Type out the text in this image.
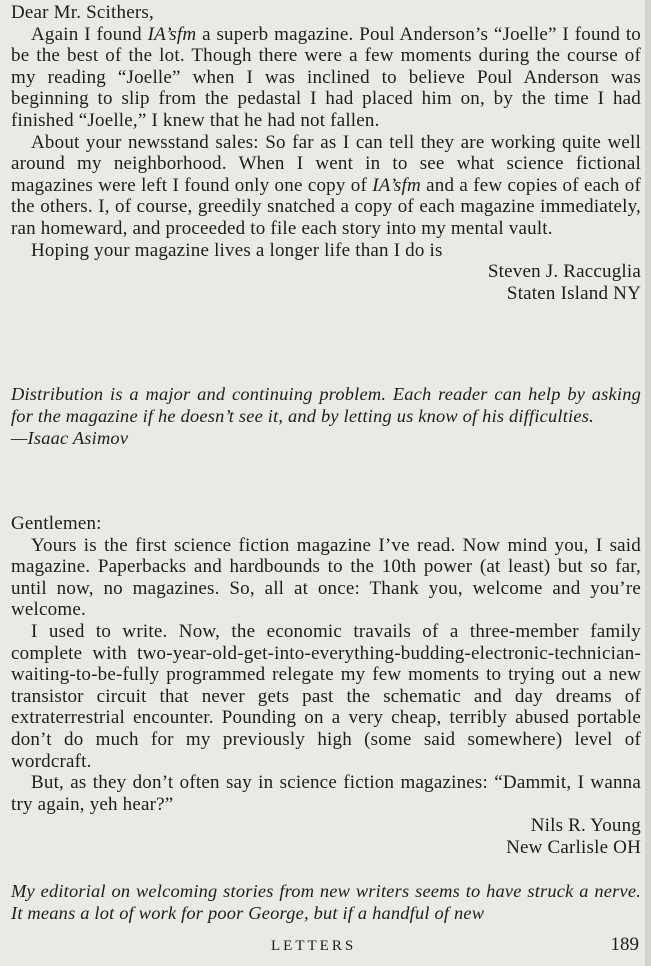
Dear Mr. Scithers,

Again I found IA’sfm a superb magazine. Poul Anderson’s “Joelle” I found to be the best of the lot. Though there were a few moments during the course of my reading “Joelle” when I was inclined to believe Poul Anderson was beginning to slip from the pedastal I had placed him on, by the time I had finished “Joelle,” I knew that he had not fallen.

About your newsstand sales: So far as I can tell they are working quite well around my neighborhood. When I went in to see what science fictional magazines were left I found only one copy of IA’sfm and a few copies of each of the others. I, of course, greedily snatched a copy of each magazine immediately, ran homeward, and proceeded to file each story into my mental vault.

Hoping your magazine lives a longer life than I do is

Steven J. Raccuglia

Staten Island NY

Distribution is a major and continuing problem. Each reader can help by asking for the magazine if he doesn’t see it, and by letting us know of his difficulties.

—Isaac Asimov

Gentlemen:

Yours is the first science fiction magazine I’ve read. Now mind you, I said magazine. Paperbacks and hardbounds to the 10th power (at least) but so far, until now, no magazines. So, all at once: Thank you, welcome and you’re welcome.

I used to write. Now, the economic travails of a three-member family complete with two-year-old-get-into-everything-budding-electronic-technician-waiting-to-be-fully programmed relegate my few moments to trying out a new transistor circuit that never gets past the schematic and day dreams of extraterrestrial encounter. Pounding on a very cheap, terribly abused portable don’t do much for my previously high (some said somewhere) level of wordcraft.

But, as they don’t often say in science fiction magazines: “Dammit, I wanna try again, yeh hear?”

Nils R. Young

New Carlisle OH

My editorial on welcoming stories from new writers seems to have struck a nerve. It means a lot of work for poor George, but if a handful of new

LETTERS	189
